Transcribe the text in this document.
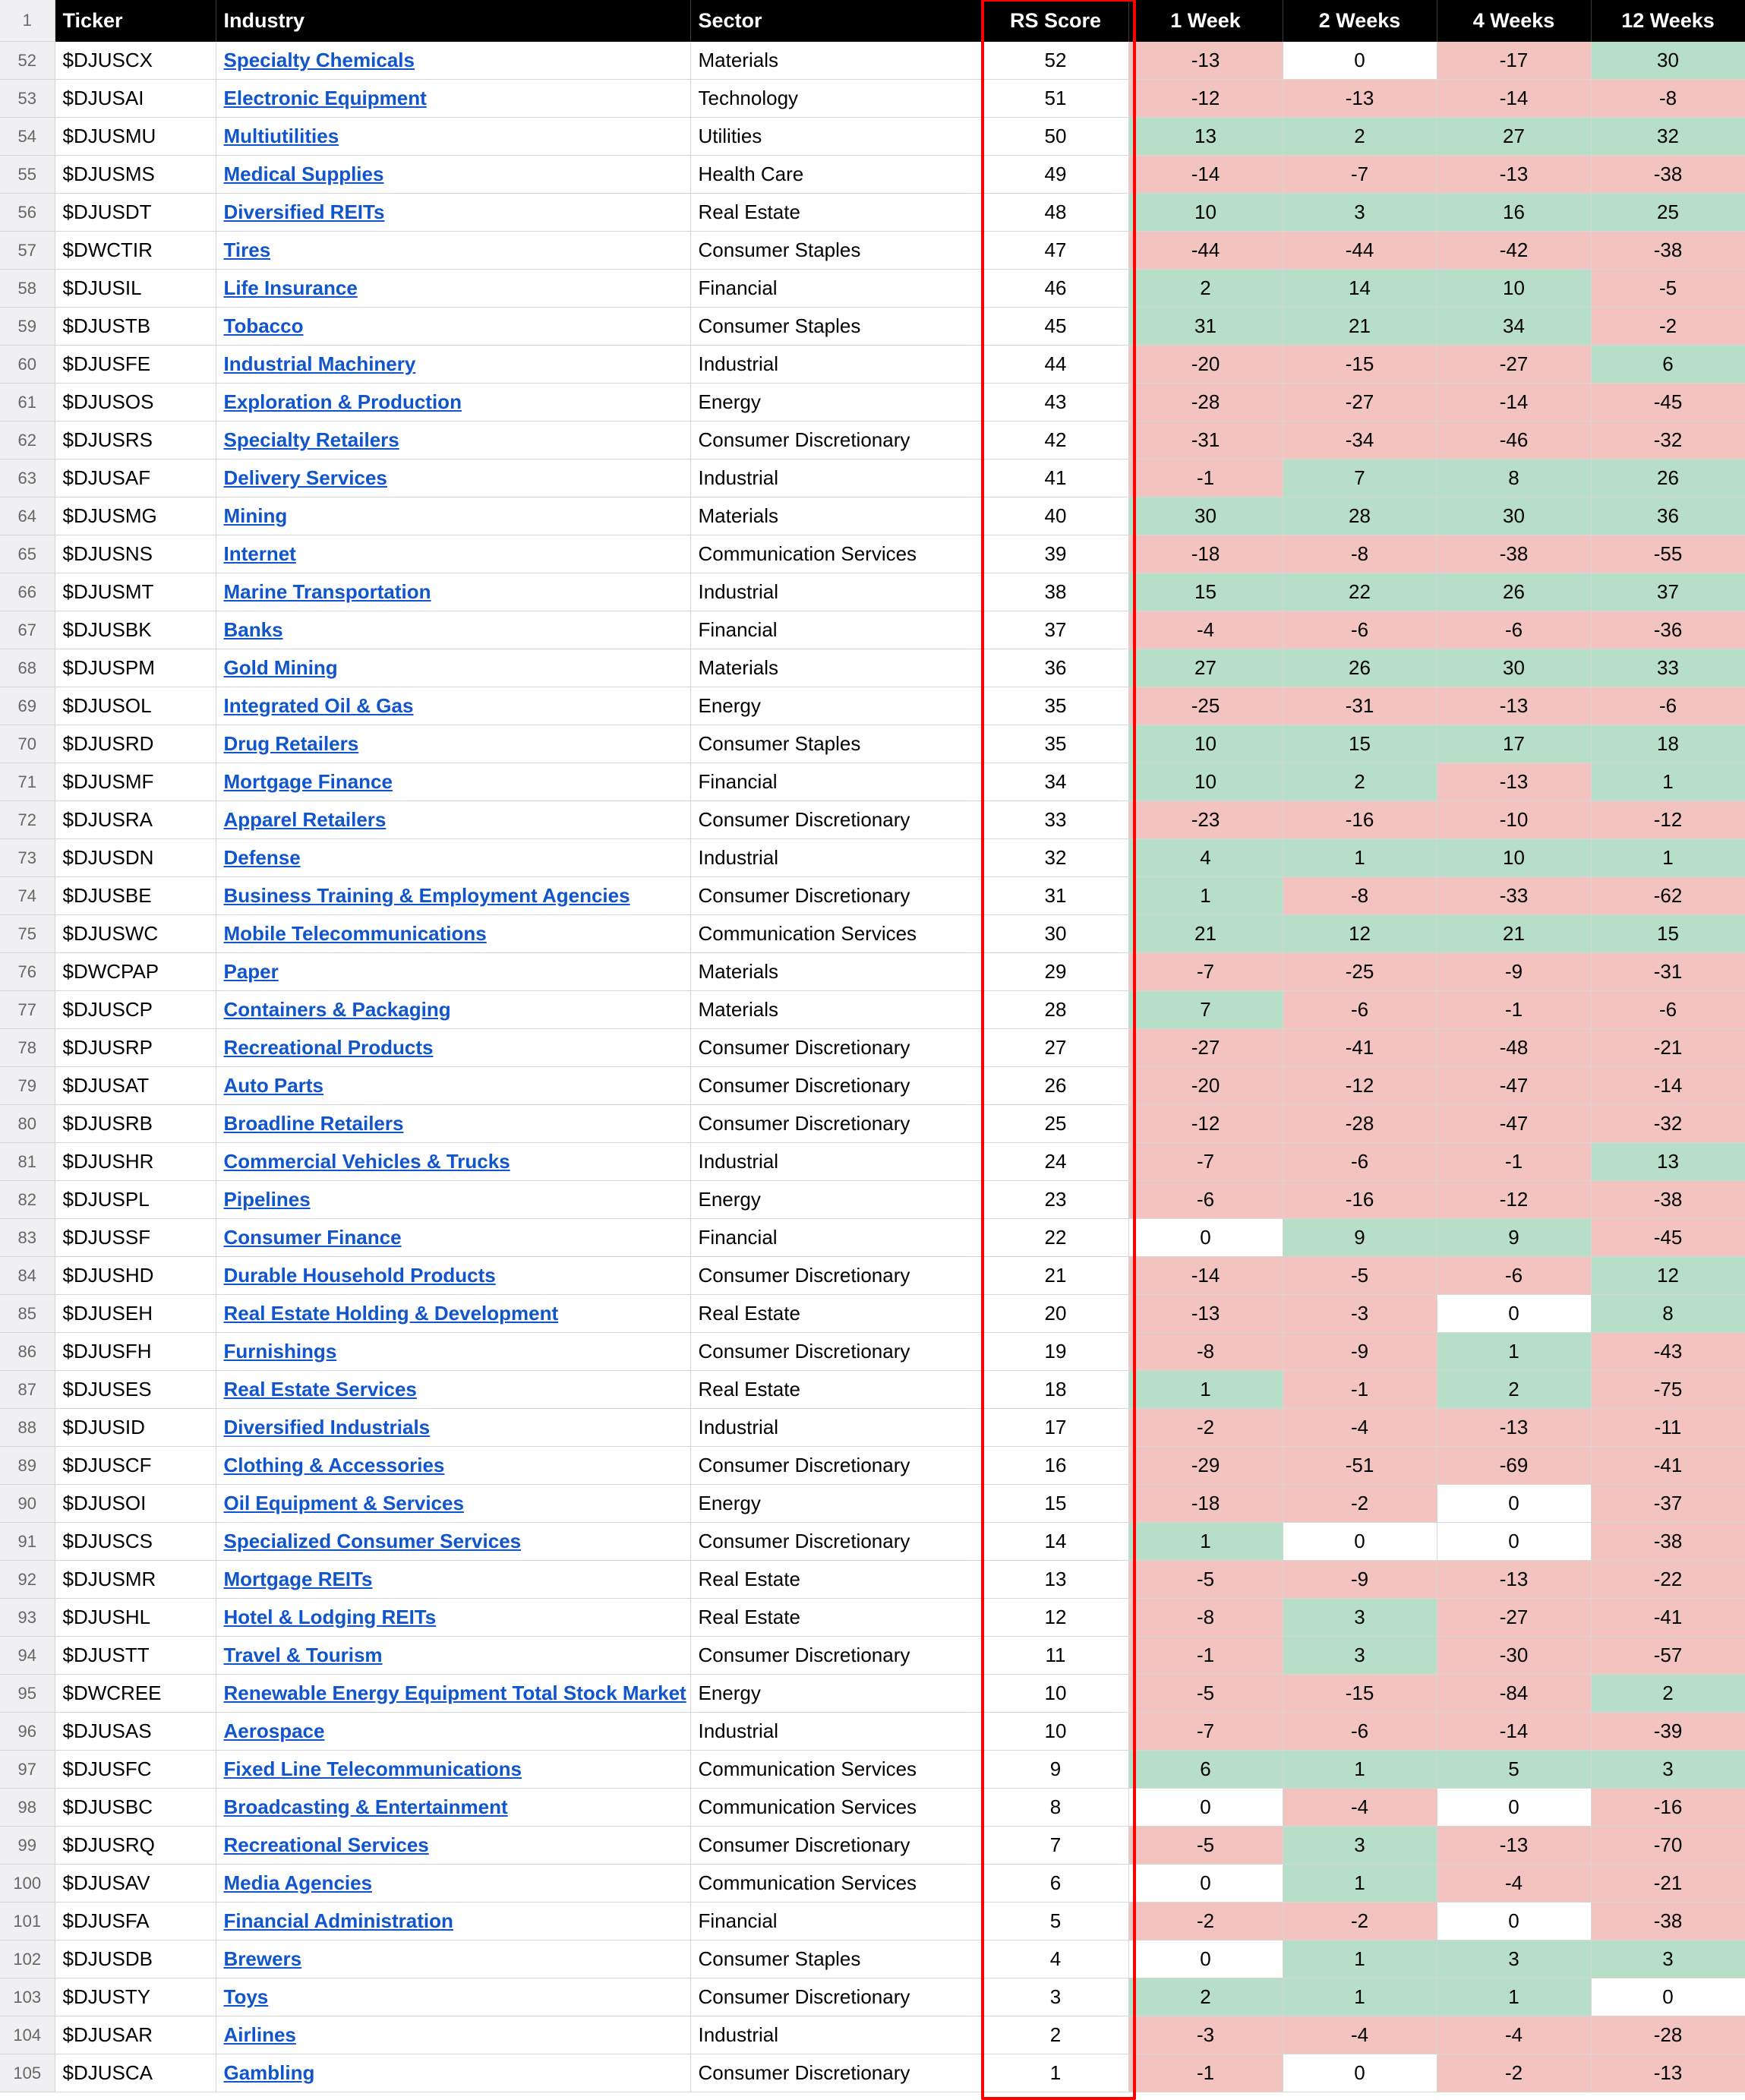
1	Ticker	Industry	Sector	RS Score	1 Week	2 Weeks	4 Weeks	12 Weeks
52	$DJUSCX	Specialty Chemicals	Materials	52	-13	0	-17	30
53	$DJUSAI	Electronic Equipment	Technology	51	-12	-13	-14	-8
54	$DJUSMU	Multiutilities	Utilities	50	13	2	27	32
55	$DJUSMS	Medical Supplies	Health Care	49	-14	-7	-13	-38
56	$DJUSDT	Diversified REITs	Real Estate	48	10	3	16	25
57	$DWCTIR	Tires	Consumer Staples	47	-44	-44	-42	-38
58	$DJUSIL	Life Insurance	Financial	46	2	14	10	-5
59	$DJUSTB	Tobacco	Consumer Staples	45	31	21	34	-2
60	$DJUSFE	Industrial Machinery	Industrial	44	-20	-15	-27	6
61	$DJUSOS	Exploration & Production	Energy	43	-28	-27	-14	-45
62	$DJUSRS	Specialty Retailers	Consumer Discretionary	42	-31	-34	-46	-32
63	$DJUSAF	Delivery Services	Industrial	41	-1	7	8	26
64	$DJUSMG	Mining	Materials	40	30	28	30	36
65	$DJUSNS	Internet	Communication Services	39	-18	-8	-38	-55
66	$DJUSMT	Marine Transportation	Industrial	38	15	22	26	37
67	$DJUSBK	Banks	Financial	37	-4	-6	-6	-36
68	$DJUSPM	Gold Mining	Materials	36	27	26	30	33
69	$DJUSOL	Integrated Oil & Gas	Energy	35	-25	-31	-13	-6
70	$DJUSRD	Drug Retailers	Consumer Staples	35	10	15	17	18
71	$DJUSMF	Mortgage Finance	Financial	34	10	2	-13	1
72	$DJUSRA	Apparel Retailers	Consumer Discretionary	33	-23	-16	-10	-12
73	$DJUSDN	Defense	Industrial	32	4	1	10	1
74	$DJUSBE	Business Training & Employment Agencies	Consumer Discretionary	31	1	-8	-33	-62
75	$DJUSWC	Mobile Telecommunications	Communication Services	30	21	12	21	15
76	$DWCPAP	Paper	Materials	29	-7	-25	-9	-31
77	$DJUSCP	Containers & Packaging	Materials	28	7	-6	-1	-6
78	$DJUSRP	Recreational Products	Consumer Discretionary	27	-27	-41	-48	-21
79	$DJUSAT	Auto Parts	Consumer Discretionary	26	-20	-12	-47	-14
80	$DJUSRB	Broadline Retailers	Consumer Discretionary	25	-12	-28	-47	-32
81	$DJUSHR	Commercial Vehicles & Trucks	Industrial	24	-7	-6	-1	13
82	$DJUSPL	Pipelines	Energy	23	-6	-16	-12	-38
83	$DJUSSF	Consumer Finance	Financial	22	0	9	9	-45
84	$DJUSHD	Durable Household Products	Consumer Discretionary	21	-14	-5	-6	12
85	$DJUSEH	Real Estate Holding & Development	Real Estate	20	-13	-3	0	8
86	$DJUSFH	Furnishings	Consumer Discretionary	19	-8	-9	1	-43
87	$DJUSES	Real Estate Services	Real Estate	18	1	-1	2	-75
88	$DJUSID	Diversified Industrials	Industrial	17	-2	-4	-13	-11
89	$DJUSCF	Clothing & Accessories	Consumer Discretionary	16	-29	-51	-69	-41
90	$DJUSOI	Oil Equipment & Services	Energy	15	-18	-2	0	-37
91	$DJUSCS	Specialized Consumer Services	Consumer Discretionary	14	1	0	0	-38
92	$DJUSMR	Mortgage REITs	Real Estate	13	-5	-9	-13	-22
93	$DJUSHL	Hotel & Lodging REITs	Real Estate	12	-8	3	-27	-41
94	$DJUSTT	Travel & Tourism	Consumer Discretionary	11	-1	3	-30	-57
95	$DWCREE	Renewable Energy Equipment Total Stock Market	Energy	10	-5	-15	-84	2
96	$DJUSAS	Aerospace	Industrial	10	-7	-6	-14	-39
97	$DJUSFC	Fixed Line Telecommunications	Communication Services	9	6	1	5	3
98	$DJUSBC	Broadcasting & Entertainment	Communication Services	8	0	-4	0	-16
99	$DJUSRQ	Recreational Services	Consumer Discretionary	7	-5	3	-13	-70
100	$DJUSAV	Media Agencies	Communication Services	6	0	1	-4	-21
101	$DJUSFA	Financial Administration	Financial	5	-2	-2	0	-38
102	$DJUSDB	Brewers	Consumer Staples	4	0	1	3	3
103	$DJUSTY	Toys	Consumer Discretionary	3	2	1	1	0
104	$DJUSAR	Airlines	Industrial	2	-3	-4	-4	-28
105	$DJUSCA	Gambling	Consumer Discretionary	1	-1	0	-2	-13
